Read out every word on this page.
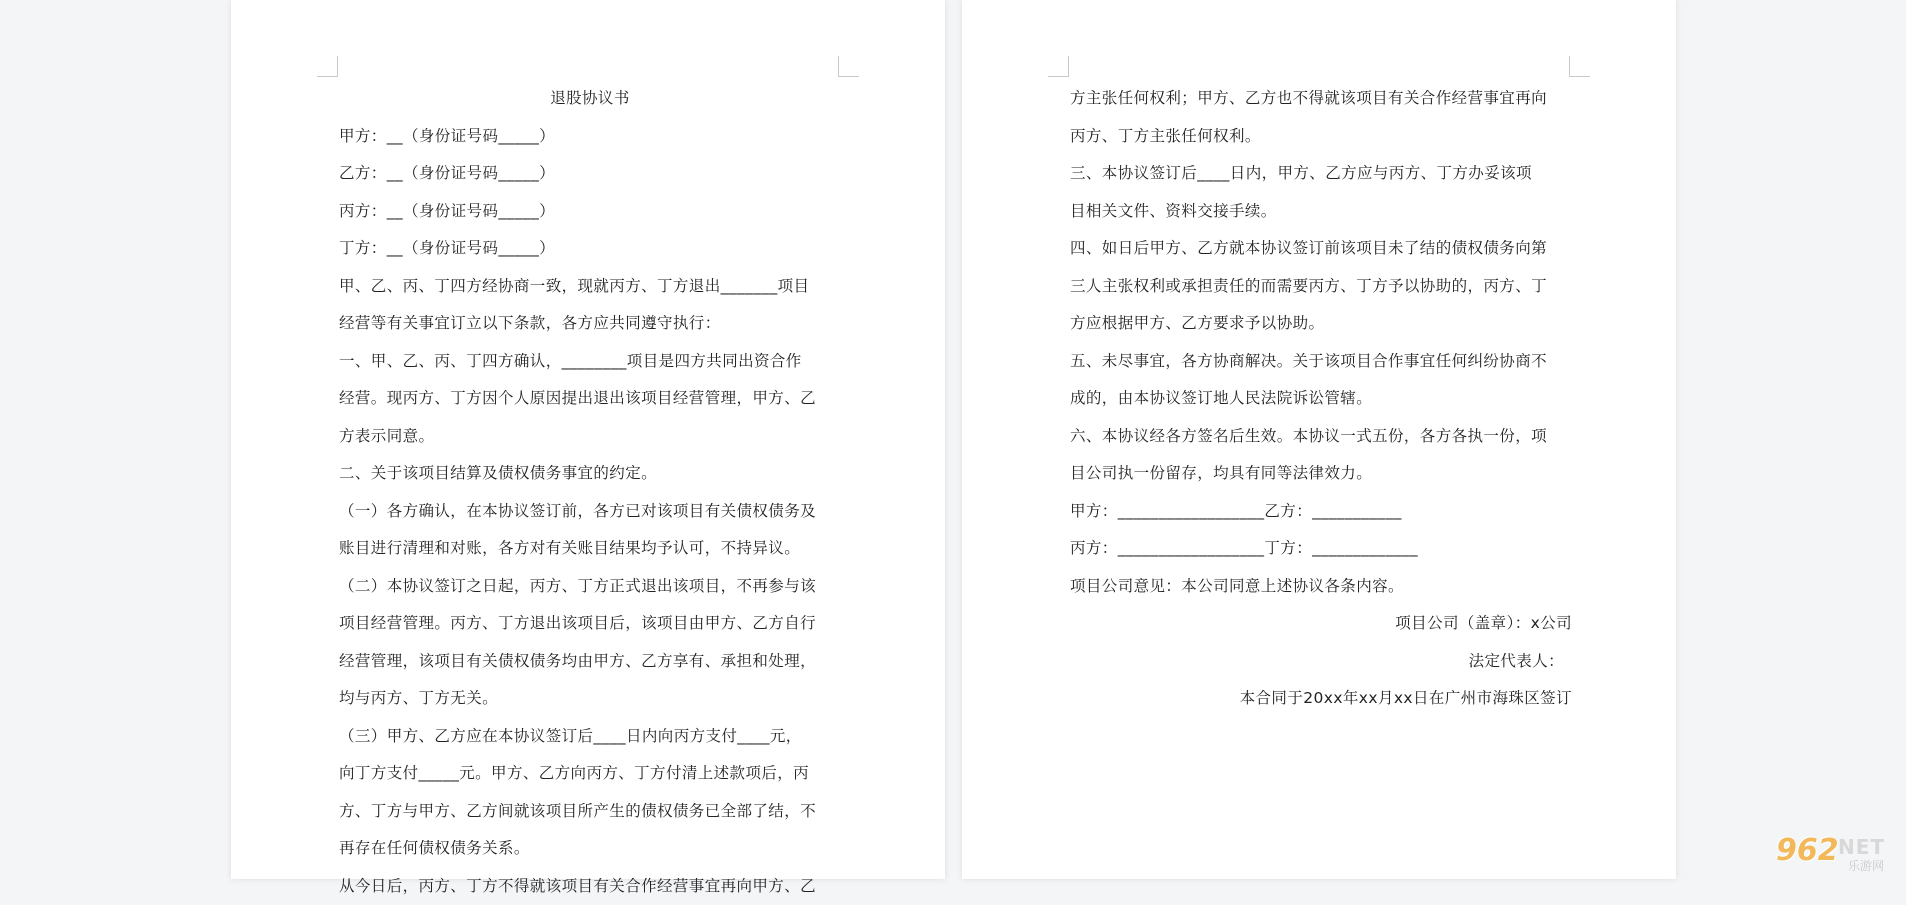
退股协议书
甲方：__（身份证号码_____）
乙方：__（身份证号码_____）
丙方：__（身份证号码_____）
丁方：__（身份证号码_____）
甲、乙、丙、丁四方经协商一致，现就丙方、丁方退出_______项目
经营等有关事宜订立以下条款，各方应共同遵守执行：
一、甲、乙、丙、丁四方确认，________项目是四方共同出资合作
经营。现丙方、丁方因个人原因提出退出该项目经营管理，甲方、乙
方表示同意。
二、关于该项目结算及债权债务事宜的约定。
（一）各方确认，在本协议签订前，各方已对该项目有关债权债务及
账目进行清理和对账，各方对有关账目结果均予认可，不持异议。
（二）本协议签订之日起，丙方、丁方正式退出该项目，不再参与该
项目经营管理。丙方、丁方退出该项目后，该项目由甲方、乙方自行
经营管理，该项目有关债权债务均由甲方、乙方享有、承担和处理，
均与丙方、丁方无关。
（三）甲方、乙方应在本协议签订后____日内向丙方支付____元，
向丁方支付_____元。甲方、乙方向丙方、丁方付清上述款项后，丙
方、丁方与甲方、乙方间就该项目所产生的债权债务已全部了结，不
再存在任何债权债务关系。
从今日后，丙方、丁方不得就该项目有关合作经营事宜再向甲方、乙
方主张任何权利；甲方、乙方也不得就该项目有关合作经营事宜再向
丙方、丁方主张任何权利。
三、本协议签订后____日内，甲方、乙方应与丙方、丁方办妥该项
目相关文件、资料交接手续。
四、如日后甲方、乙方就本协议签订前该项目未了结的债权债务向第
三人主张权利或承担责任的而需要丙方、丁方予以协助的，丙方、丁
方应根据甲方、乙方要求予以协助。
五、未尽事宜，各方协商解决。关于该项目合作事宜任何纠纷协商不
成的，由本协议签订地人民法院诉讼管辖。
六、本协议经各方签名后生效。本协议一式五份，各方各执一份，项
目公司执一份留存，均具有同等法律效力。
甲方：__________________乙方：___________
丙方：__________________丁方：_____________
项目公司意见：本公司同意上述协议各条内容。
项目公司（盖章）：x公司
法定代表人：
本合同于20xx年xx月xx日在广州市海珠区签订
962 NET
乐游网
